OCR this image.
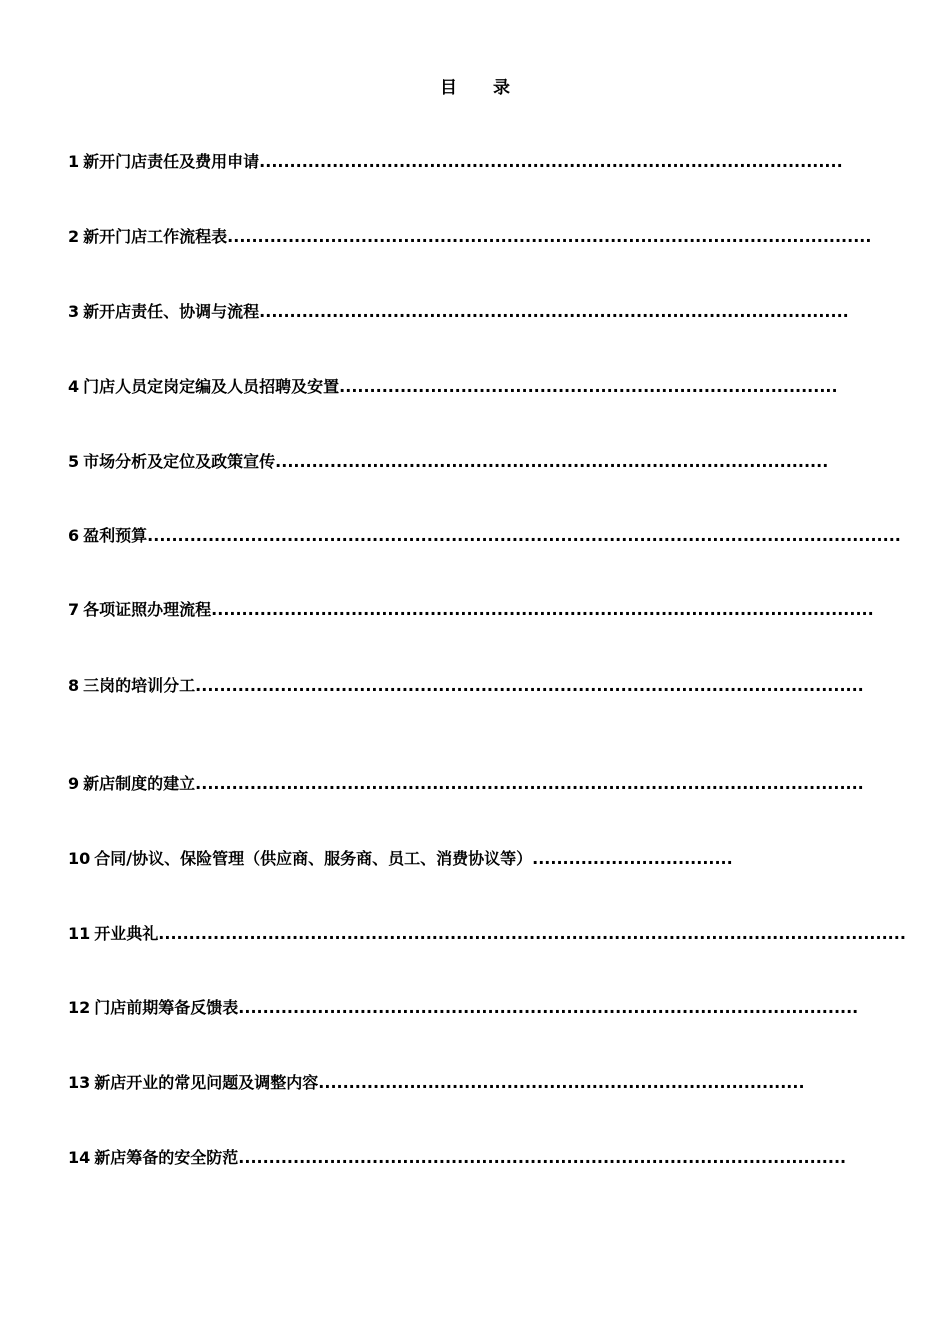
目 录
1 新开门店责任及费用申请................................................................................................
2 新开门店工作流程表..........................................................................................................
3 新开店责任、协调与流程.................................................................................................
4 门店人员定岗定编及人员招聘及安置..................................................................................
5 市场分析及定位及政策宣传...........................................................................................
6 盈利预算............................................................................................................................
7 各项证照办理流程.............................................................................................................
8 三岗的培训分工..............................................................................................................
9 新店制度的建立..............................................................................................................
10 合同/协议、保险管理（供应商、服务商、员工、消费协议等）.................................
11 开业典礼...........................................................................................................................
12 门店前期筹备反馈表......................................................................................................
13 新店开业的常见问题及调整内容................................................................................
14 新店筹备的安全防范....................................................................................................
